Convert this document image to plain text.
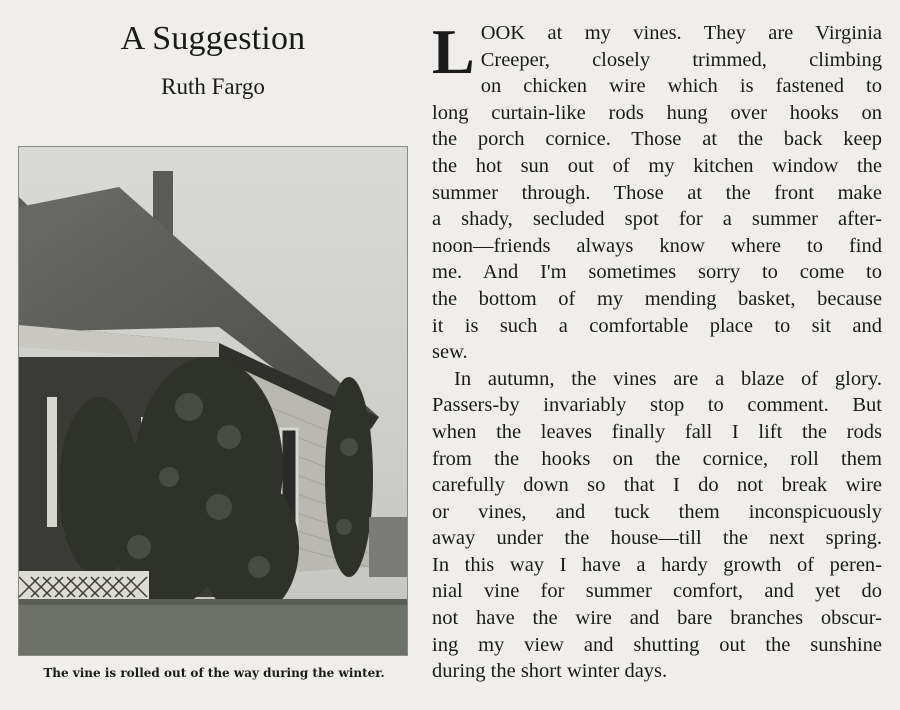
A Suggestion
Ruth Fargo
The vine is rolled out of the way during the winter.

L OOK at my vines. They are Virginia
Creeper, closely trimmed, climbing
on chicken wire which is fastened to
long curtain-like rods hung over hooks on
the porch cornice. Those at the back keep
the hot sun out of my kitchen window the
summer through. Those at the front make
a shady, secluded spot for a summer after-
noon—friends always know where to find
me. And I'm sometimes sorry to come to
the bottom of my mending basket, because
it is such a comfortable place to sit and
sew.

In autumn, the vines are a blaze of glory.
Passers-by invariably stop to comment. But
when the leaves finally fall I lift the rods
from the hooks on the cornice, roll them
carefully down so that I do not break wire
or vines, and tuck them inconspicuously
away under the house—till the next spring.
In this way I have a hardy growth of peren-
nial vine for summer comfort, and yet do
not have the wire and bare branches obscur-
ing my view and shutting out the sunshine
during the short winter days.
